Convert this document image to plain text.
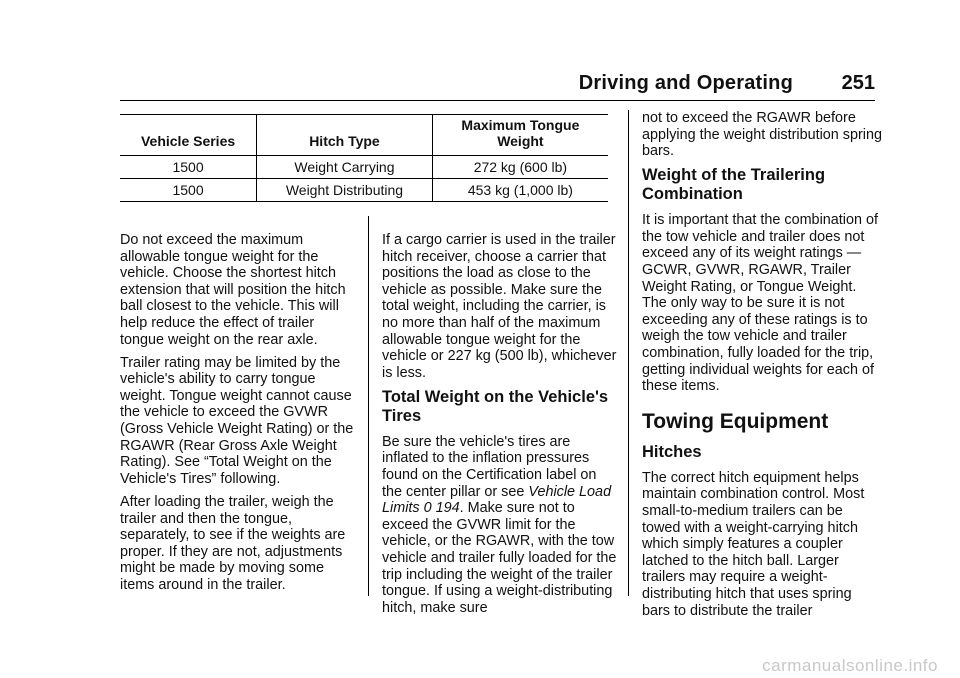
Driving and Operating 251
Vehicle Series	Hitch Type	Maximum Tongue Weight
1500	Weight Carrying	272 kg (600 lb)
1500	Weight Distributing	453 kg (1,000 lb)

Do not exceed the maximum allowable tongue weight for the vehicle. Choose the shortest hitch extension that will position the hitch ball closest to the vehicle. This will help reduce the effect of trailer tongue weight on the rear axle.

Trailer rating may be limited by the vehicle's ability to carry tongue weight. Tongue weight cannot cause the vehicle to exceed the GVWR (Gross Vehicle Weight Rating) or the RGAWR (Rear Gross Axle Weight Rating). See “Total Weight on the Vehicle's Tires” following.

After loading the trailer, weigh the trailer and then the tongue, separately, to see if the weights are proper. If they are not, adjustments might be made by moving some items around in the trailer.

If a cargo carrier is used in the trailer hitch receiver, choose a carrier that positions the load as close to the vehicle as possible. Make sure the total weight, including the carrier, is no more than half of the maximum allowable tongue weight for the vehicle or 227 kg (500 lb), whichever is less.

Total Weight on the Vehicle's Tires

Be sure the vehicle's tires are inflated to the inflation pressures found on the Certification label on the center pillar or see Vehicle Load Limits 0 194. Make sure not to exceed the GVWR limit for the vehicle, or the RGAWR, with the tow vehicle and trailer fully loaded for the trip including the weight of the trailer tongue. If using a weight-distributing hitch, make sure

not to exceed the RGAWR before applying the weight distribution spring bars.

Weight of the Trailering Combination

It is important that the combination of the tow vehicle and trailer does not exceed any of its weight ratings — GCWR, GVWR, RGAWR, Trailer Weight Rating, or Tongue Weight. The only way to be sure it is not exceeding any of these ratings is to weigh the tow vehicle and trailer combination, fully loaded for the trip, getting individual weights for each of these items.

Towing Equipment
Hitches

The correct hitch equipment helps maintain combination control. Most small-to-medium trailers can be towed with a weight-carrying hitch which simply features a coupler latched to the hitch ball. Larger trailers may require a weight-distributing hitch that uses spring bars to distribute the trailer

carmanualsonline.info
